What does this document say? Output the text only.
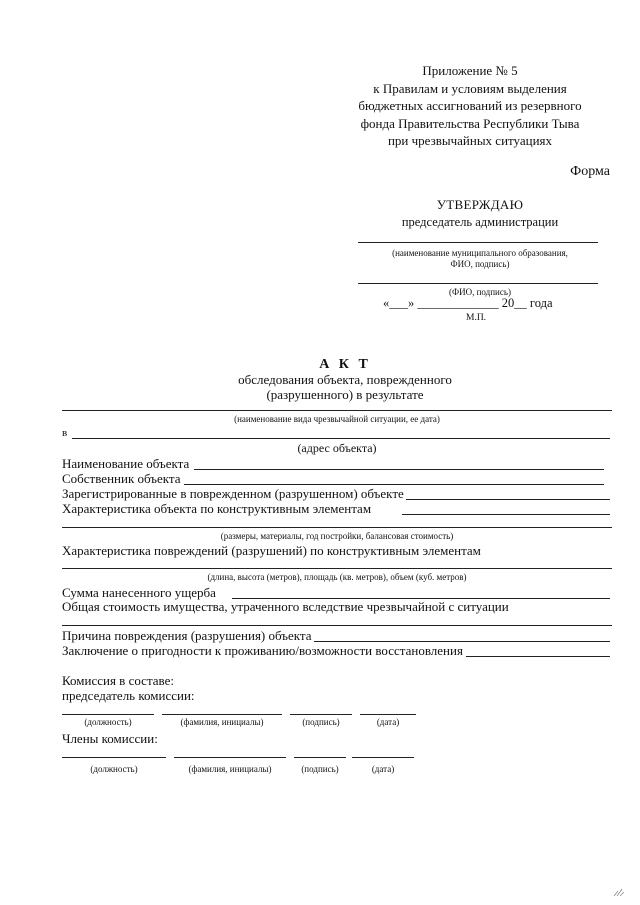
Приложение № 5
к Правилам и условиям выделения
бюджетных ассигнований из резервного
фонда Правительства Республики Тыва
при чрезвычайных ситуациях
Форма
УТВЕРЖДАЮ
председатель администрации
(наименование муниципального образования,
ФИО, подпись)
(ФИО, подпись)
«___» _____________ 20__ года
М.П.
А К Т
обследования объекта, поврежденного
(разрушенного) в результате
(наименование вида чрезвычайной ситуации, ее дата)
в
(адрес объекта)
Наименование объекта
Собственник объекта
Зарегистрированные в поврежденном (разрушенном) объекте
Характеристика объекта по конструктивным элементам
(размеры, материалы, год постройки, балансовая стоимость)
Характеристика повреждений (разрушений) по конструктивным элементам
(длина, высота (метров), площадь (кв. метров), объем (куб. метров)
Сумма нанесенного ущерба
Общая стоимость имущества, утраченного вследствие чрезвычайной с ситуации
Причина повреждения (разрушения) объекта
Заключение о пригодности к проживанию/возможности восстановления
Комиссия в составе:
председатель комиссии:
(должность)	(фамилия, инициалы)	(подпись)	(дата)
Члены комиссии:
(должность)	(фамилия, инициалы)	(подпись)	(дата)
